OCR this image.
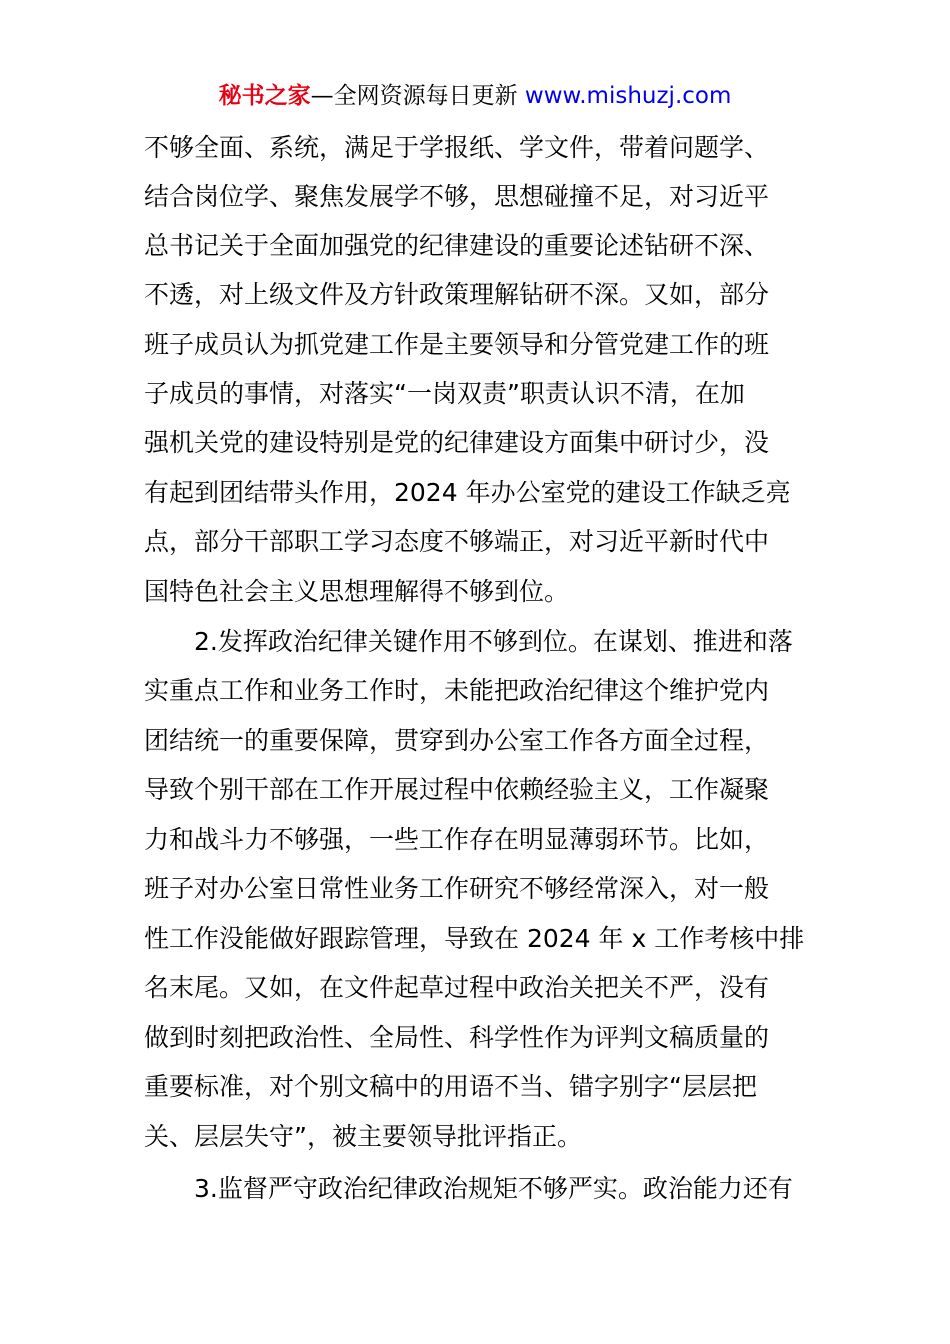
秘书之家—全网资源每日更新 www.mishuzj.com
不够全面、系统，满足于学报纸、学文件，带着问题学、
结合岗位学、聚焦发展学不够，思想碰撞不足，对习近平
总书记关于全面加强党的纪律建设的重要论述钻研不深、
不透，对上级文件及方针政策理解钻研不深。又如，部分
班子成员认为抓党建工作是主要领导和分管党建工作的班
子成员的事情，对落实“一岗双责”职责认识不清，在加
强机关党的建设特别是党的纪律建设方面集中研讨少，没
有起到团结带头作用，2024 年办公室党的建设工作缺乏亮
点，部分干部职工学习态度不够端正，对习近平新时代中
国特色社会主义思想理解得不够到位。
2.发挥政治纪律关键作用不够到位。在谋划、推进和落
实重点工作和业务工作时，未能把政治纪律这个维护党内
团结统一的重要保障，贯穿到办公室工作各方面全过程，
导致个别干部在工作开展过程中依赖经验主义，工作凝聚
力和战斗力不够强，一些工作存在明显薄弱环节。比如，
班子对办公室日常性业务工作研究不够经常深入，对一般
性工作没能做好跟踪管理，导致在 2024 年 x 工作考核中排
名末尾。又如，在文件起草过程中政治关把关不严，没有
做到时刻把政治性、全局性、科学性作为评判文稿质量的
重要标准，对个别文稿中的用语不当、错字别字“层层把
关、层层失守”，被主要领导批评指正。
3.监督严守政治纪律政治规矩不够严实。政治能力还有
